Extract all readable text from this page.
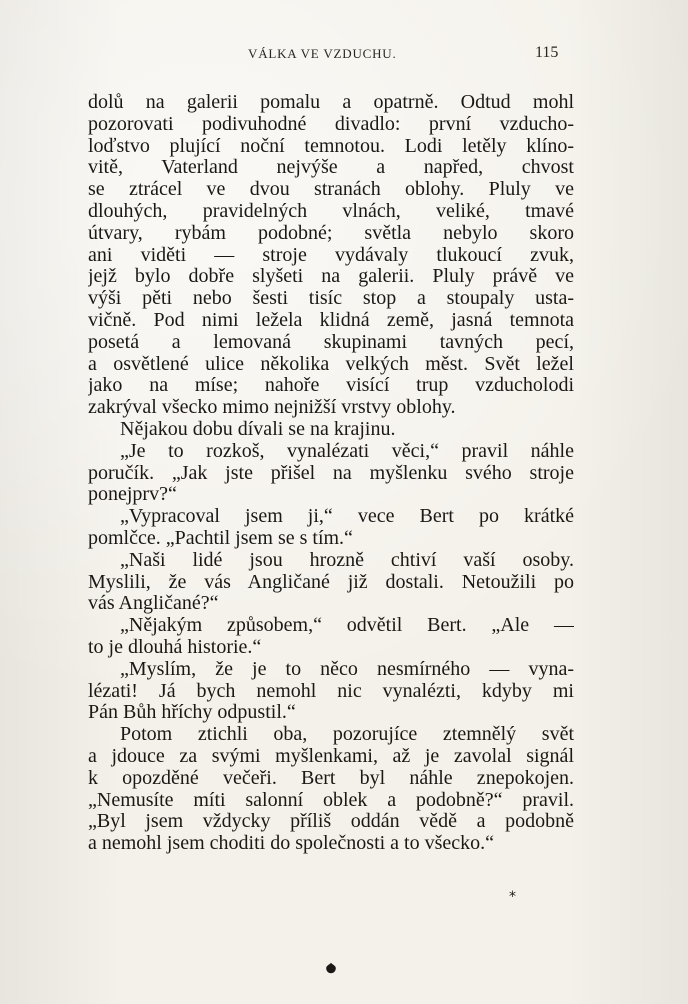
VÁLKA VE VZDUCHU.	115
dolů na galerii pomalu a opatrně. Odtud mohl
pozorovati podivuhodné divadlo: první vzducho-
loďstvo plující noční temnotou. Lodi letěly klíno-
vitě, Vaterland nejvýše a napřed, chvost
se ztrácel ve dvou stranách oblohy. Pluly ve
dlouhých, pravidelných vlnách, veliké, tmavé
útvary, rybám podobné; světla nebylo skoro
ani viděti — stroje vydávaly tlukoucí zvuk,
jejž bylo dobře slyšeti na galerii. Pluly právě ve
výši pěti nebo šesti tisíc stop a stoupaly usta-
vičně. Pod nimi ležela klidná země, jasná temnota
posetá a lemovaná skupinami tavných pecí,
a osvětlené ulice několika velkých měst. Svět ležel
jako na míse; nahoře visící trup vzducholodi
zakrýval všecko mimo nejnižší vrstvy oblohy.
Nějakou dobu dívali se na krajinu.
„Je to rozkoš, vynalézati věci,“ pravil náhle
poručík. „Jak jste přišel na myšlenku svého stroje
ponejprv?“
„Vypracoval jsem ji,“ vece Bert po krátké
pomlčce. „Pachtil jsem se s tím.“
„Naši lidé jsou hrozně chtiví vaší osoby.
Myslili, že vás Angličané již dostali. Netoužili po
vás Angličané?“
„Nějakým způsobem,“ odvětil Bert. „Ale —
to je dlouhá historie.“
„Myslím, že je to něco nesmírného — vyna-
lézati! Já bych nemohl nic vynalézti, kdyby mi
Pán Bůh hříchy odpustil.“
Potom ztichli oba, pozorujíce ztemnělý svět
a jdouce za svými myšlenkami, až je zavolal signál
k opozděné večeři. Bert byl náhle znepokojen.
„Nemusíte míti salonní oblek a podobně?“ pravil.
„Byl jsem vždycky příliš oddán vědě a podobně
a nemohl jsem choditi do společnosti a to všecko.“
*
